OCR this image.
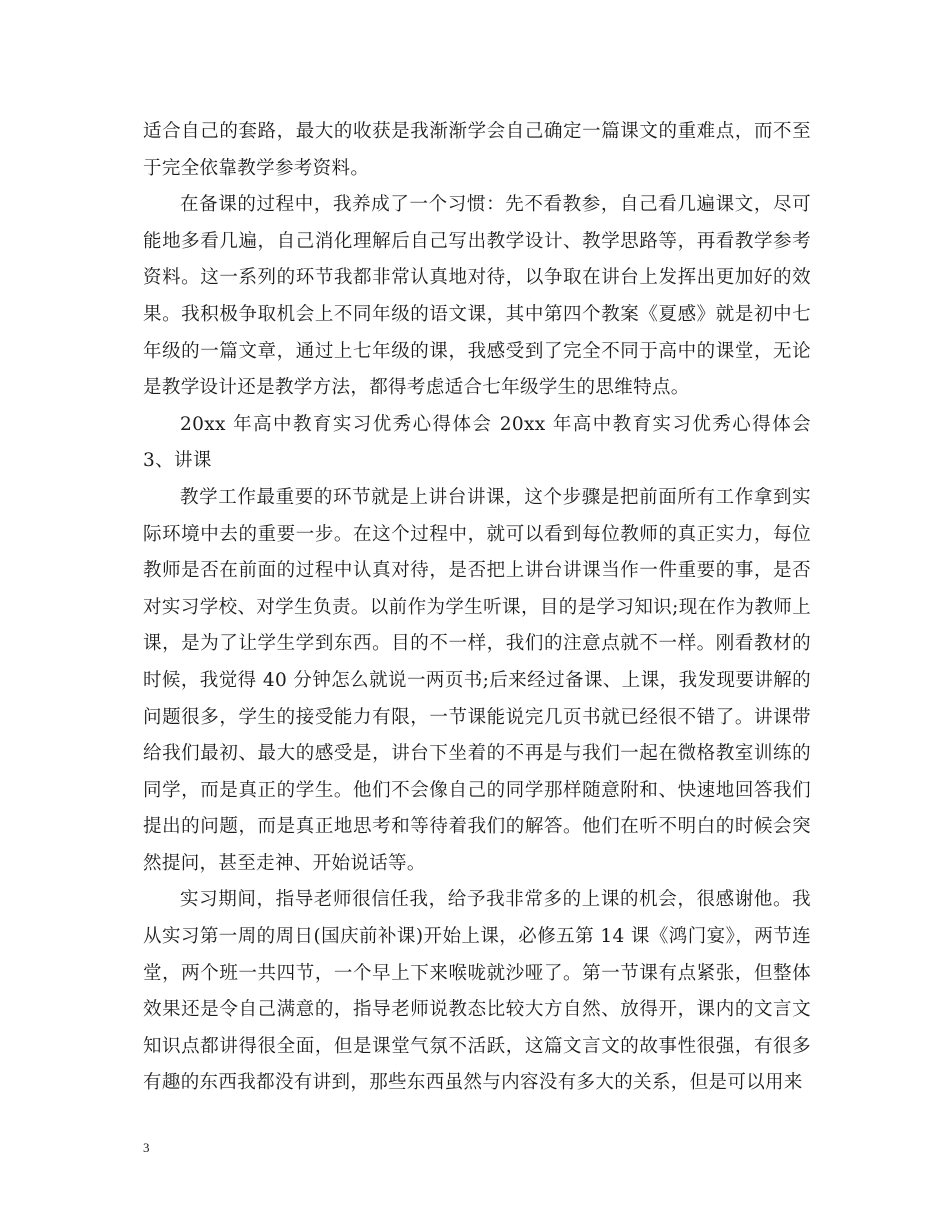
适合自己的套路，最大的收获是我渐渐学会自己确定一篇课文的重难点，而不至于完全依靠教学参考资料。

在备课的过程中，我养成了一个习惯：先不看教参，自己看几遍课文，尽可能地多看几遍，自己消化理解后自己写出教学设计、教学思路等，再看教学参考资料。这一系列的环节我都非常认真地对待，以争取在讲台上发挥出更加好的效果。我积极争取机会上不同年级的语文课，其中第四个教案《夏感》就是初中七年级的一篇文章，通过上七年级的课，我感受到了完全不同于高中的课堂，无论是教学设计还是教学方法，都得考虑适合七年级学生的思维特点。

20xx 年高中教育实习优秀心得体会 20xx 年高中教育实习优秀心得体会 3、讲课

教学工作最重要的环节就是上讲台讲课，这个步骤是把前面所有工作拿到实际环境中去的重要一步。在这个过程中，就可以看到每位教师的真正实力，每位教师是否在前面的过程中认真对待，是否把上讲台讲课当作一件重要的事，是否对实习学校、对学生负责。以前作为学生听课，目的是学习知识;现在作为教师上课，是为了让学生学到东西。目的不一样，我们的注意点就不一样。刚看教材的时候，我觉得 40 分钟怎么就说一两页书;后来经过备课、上课，我发现要讲解的问题很多，学生的接受能力有限，一节课能说完几页书就已经很不错了。讲课带给我们最初、最大的感受是，讲台下坐着的不再是与我们一起在微格教室训练的同学，而是真正的学生。他们不会像自己的同学那样随意附和、快速地回答我们提出的问题，而是真正地思考和等待着我们的解答。他们在听不明白的时候会突然提问，甚至走神、开始说话等。

实习期间，指导老师很信任我，给予我非常多的上课的机会，很感谢他。我从实习第一周的周日(国庆前补课)开始上课，必修五第 14 课《鸿门宴》，两节连堂，两个班一共四节，一个早上下来喉咙就沙哑了。第一节课有点紧张，但整体效果还是令自己满意的，指导老师说教态比较大方自然、放得开，课内的文言文知识点都讲得很全面，但是课堂气氛不活跃，这篇文言文的故事性很强，有很多有趣的东西我都没有讲到，那些东西虽然与内容没有多大的关系，但是可以用来

3
